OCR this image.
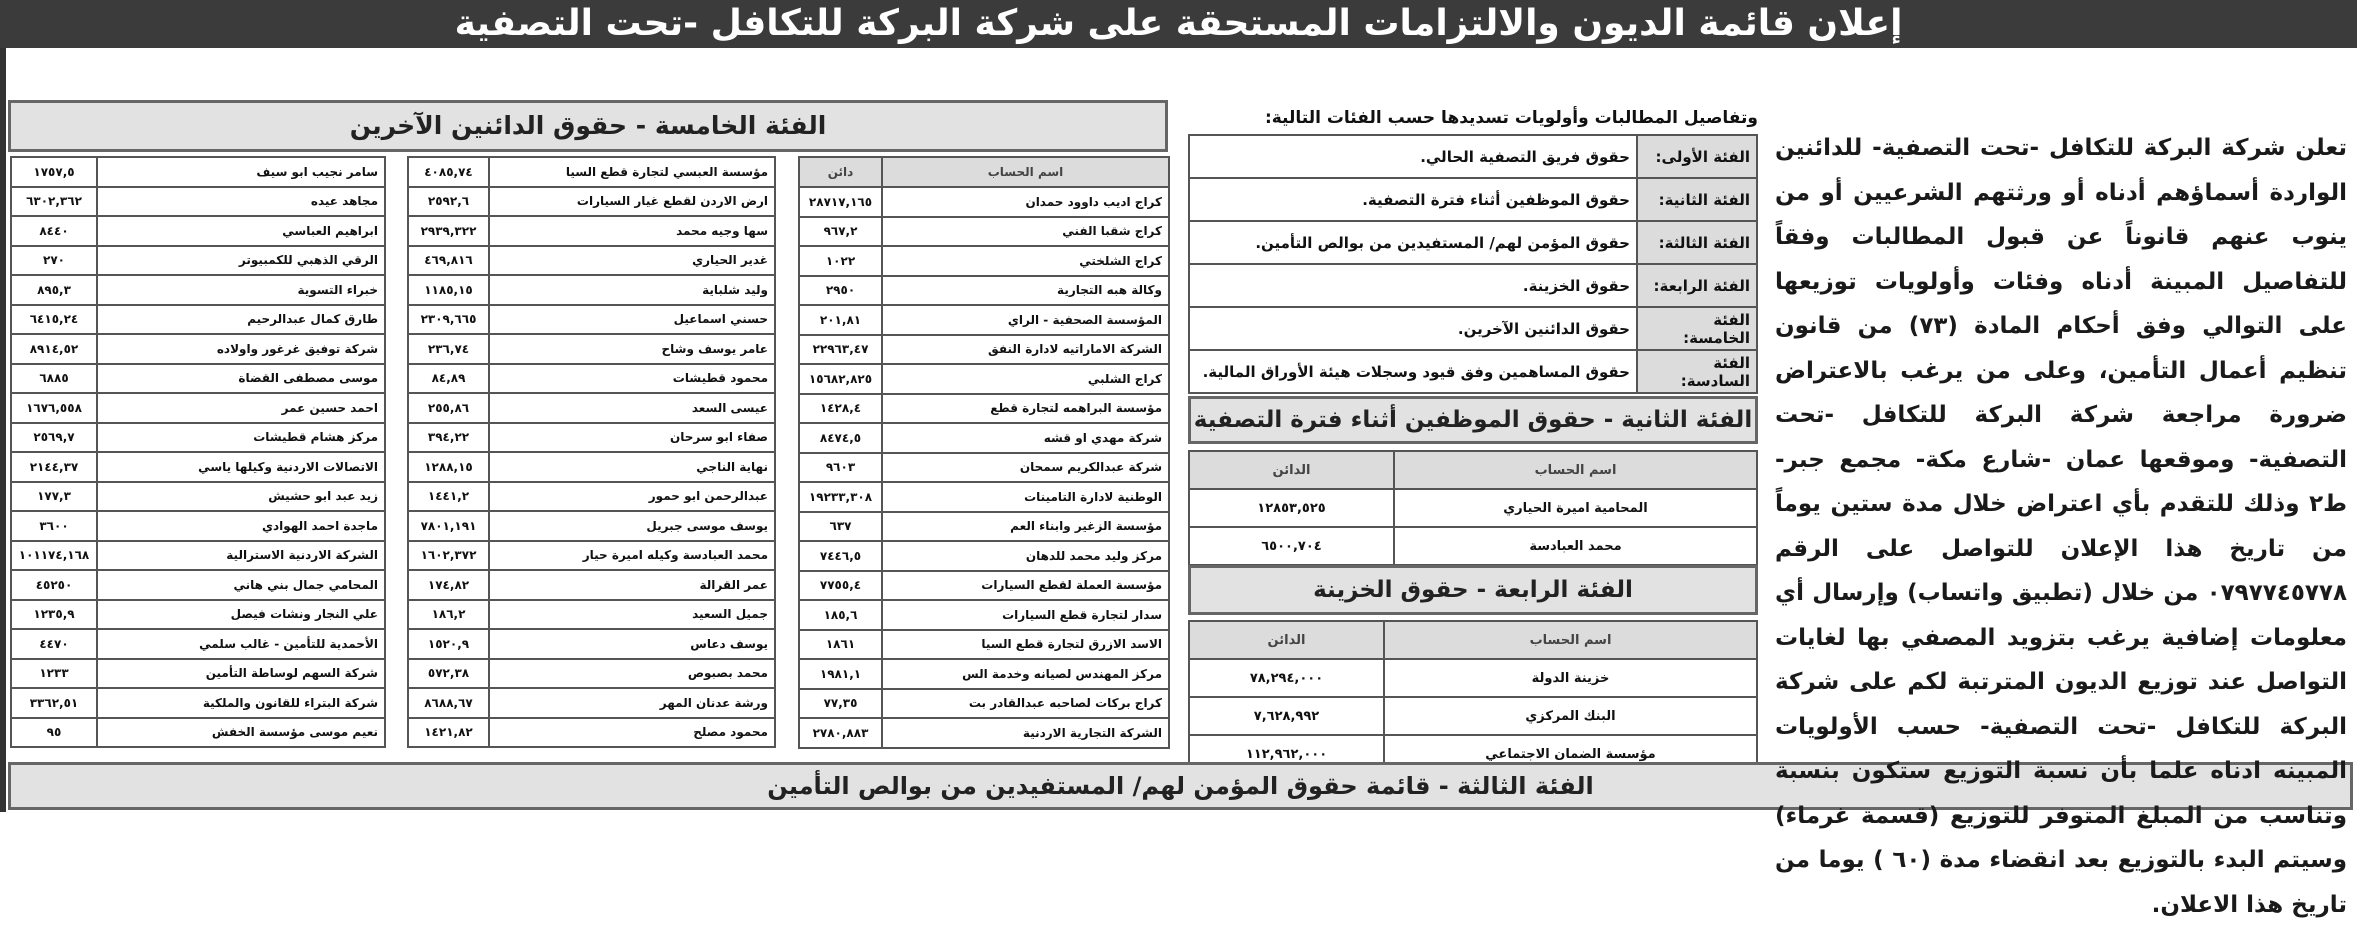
إعلان قائمة الديون والالتزامات المستحقة على شركة البركة للتكافل -تحت التصفية
تعلن شركة البركة للتكافل -تحت التصفية- للدائنين الواردة أسماؤهم أدناه أو ورثتهم الشرعيين أو من ينوب عنهم قانوناً عن قبول المطالبات وفقاً للتفاصيل المبينة أدناه وفئات وأولويات توزيعها على التوالي وفق أحكام المادة (٧٣) من قانون تنظيم أعمال التأمين، وعلى من يرغب بالاعتراض ضرورة مراجعة شركة البركة للتكافل -تحت التصفية- وموقعها عمان -شارع مكة- مجمع جبر- ط٢ وذلك للتقدم بأي اعتراض خلال مدة ستين يوماً من تاريخ هذا الإعلان للتواصل على الرقم ٠٧٩٧٧٤٥٧٧٨ من خلال (تطبيق واتساب) وإرسال أي معلومات إضافية يرغب بتزويد المصفي بها لغايات التواصل عند توزيع الديون المترتبة لكم على شركة البركة للتكافل -تحت التصفية- حسب الأولويات المبينه ادناه علما بأن نسبة التوزيع ستكون بنسبة وتناسب من المبلغ المتوفر للتوزيع (قسمة غرماء) وسيتم البدء بالتوزيع بعد انقضاء مدة (٦٠ ) يوما من تاريخ هذا الاعلان.
وتفاصيل المطالبات وأولويات تسديدها حسب الفئات التالية:
الفئة الأولى:	حقوق فريق التصفية الحالي.
الفئة الثانية:	حقوق الموظفين أثناء فترة التصفية.
الفئة الثالثة:	حقوق المؤمن لهم/ المستفيدين من بوالص التأمين.
الفئة الرابعة:	حقوق الخزينة.
الفئة الخامسة:	حقوق الدائنين الآخرين.
الفئة السادسة:	حقوق المساهمين وفق قيود وسجلات هيئة الأوراق المالية.
الفئة الثانية - حقوق الموظفين أثناء فترة التصفية
اسم الحساب	الدائن
المحامية اميرة الحياري	١٢٨٥٣,٥٢٥
محمد العبادسة	٦٥٠٠,٧٠٤
الفئة الرابعة - حقوق الخزينة
اسم الحساب	الدائن
خزينة الدولة	٧٨,٢٩٤,٠٠٠
البنك المركزي	٧,٦٢٨,٩٩٢
مؤسسة الضمان الاجتماعي	١١٢,٩٦٢,٠٠٠
الفئة الخامسة - حقوق الدائنين الآخرين
اسم الحساب	دائن
كراج اديب داوود حمدان	٢٨٧١٧,١٦٥
كراج شقبا الفني	٩٦٧,٢
كراج الشلختي	١٠٢٢
وكالة هبه التجارية	٢٩٥٠
المؤسسة الصحفية - الراي	٢٠١,٨١
الشركة الاماراتيه لادارة النفق	٢٢٩٦٣,٤٧
كراج الشلبي	١٥٦٨٢,٨٢٥
مؤسسة البراهمه لتجارة قطع	١٤٢٨,٤
شركة مهدي او قشه	٨٤٧٤,٥
شركة عبدالكريم سمحان	٩٦٠٣
الوطنية لادارة التامينات	١٩٢٣٣,٣٠٨
مؤسسة الزغير وابناء العم	٦٣٧
مركز وليد محمد للدهان	٧٤٤٦,٥
مؤسسة العملة لقطع السيارات	٧٧٥٥,٤
سدار لتجارة قطع السيارات	١٨٥,٦
الاسد الازرق لتجارة قطع السيا	١٨٦١
مركز المهندس لصيانه وخدمة الس	١٩٨١,١
كراج بركات لصاحبه عبدالقادر بت	٧٧,٣٥
الشركة التجارية الاردنية	٢٧٨٠,٨٨٣
مؤسسة العبسي لتجارة قطع السيا	٤٠٨٥,٧٤
ارض الاردن لقطع غيار السيارات	٢٥٩٢,٦
سها وجيه محمد	٢٩٣٩,٣٢٢
غدير الحياري	٤٦٩,٨١٦
وليد شلباية	١١٨٥,١٥
حسني اسماعيل	٢٣٠٩,٦٦٥
عامر يوسف وشاح	٢٣٦,٧٤
محمود قطيشات	٨٤,٨٩
عيسى السعد	٢٥٥,٨٦
صفاء ابو سرحان	٣٩٤,٢٢
نهاية الناجي	١٢٨٨,١٥
عبدالرحمن ابو حمور	١٤٤١,٢
يوسف موسى جبريل	٧٨٠١,١٩١
محمد العبادسة وكيله اميرة حيار	١٦٠٢,٣٧٢
عمر القرالة	١٧٤,٨٢
جميل السعيد	١٨٦,٢
يوسف دعاس	١٥٢٠,٩
محمد بصبوص	٥٧٢,٣٨
ورشة عدنان المهر	٨٦٨٨,٦٧
محمود مصلح	١٤٢١,٨٢
سامر نجيب ابو سيف	١٧٥٧,٥
مجاهد عيده	٦٣٠٢,٣٦٢
ابراهيم العباسي	٨٤٤٠
الرقي الذهبي للكمبيوتر	٢٧٠
خبراء التسوية	٨٩٥,٣
طارق كمال عبدالرحيم	٦٤١٥,٢٤
شركة توفيق غرغور واولاده	٨٩١٤,٥٢
موسى مصطفى القضاة	٦٨٨٥
احمد حسين عمر	١٦٧٦,٥٥٨
مركز هشام قطيشات	٢٥٦٩,٧
الاتصالات الاردنية وكيلها ياسي	٢١٤٤,٣٧
زيد عبد ابو حشيش	١٧٧,٣
ماجدة احمد الهوادي	٣٦٠٠
الشركة الاردنية الاسترالية	١٠١١٧٤,١٦٨
المحامي جمال بني هاني	٤٥٢٥٠
علي النجار ونشات فيصل	١٢٣٥,٩
الأحمدية للتأمين - غالب سلمي	٤٤٧٠
شركة السهم لوساطة التأمين	١٢٣٣
شركة البتراء للقانون والملكية	٣٣٦٢,٥١
نعيم موسى مؤسسة الخفش	٩٥
الفئة الثالثة - قائمة حقوق المؤمن لهم/ المستفيدين من بوالص التأمين
